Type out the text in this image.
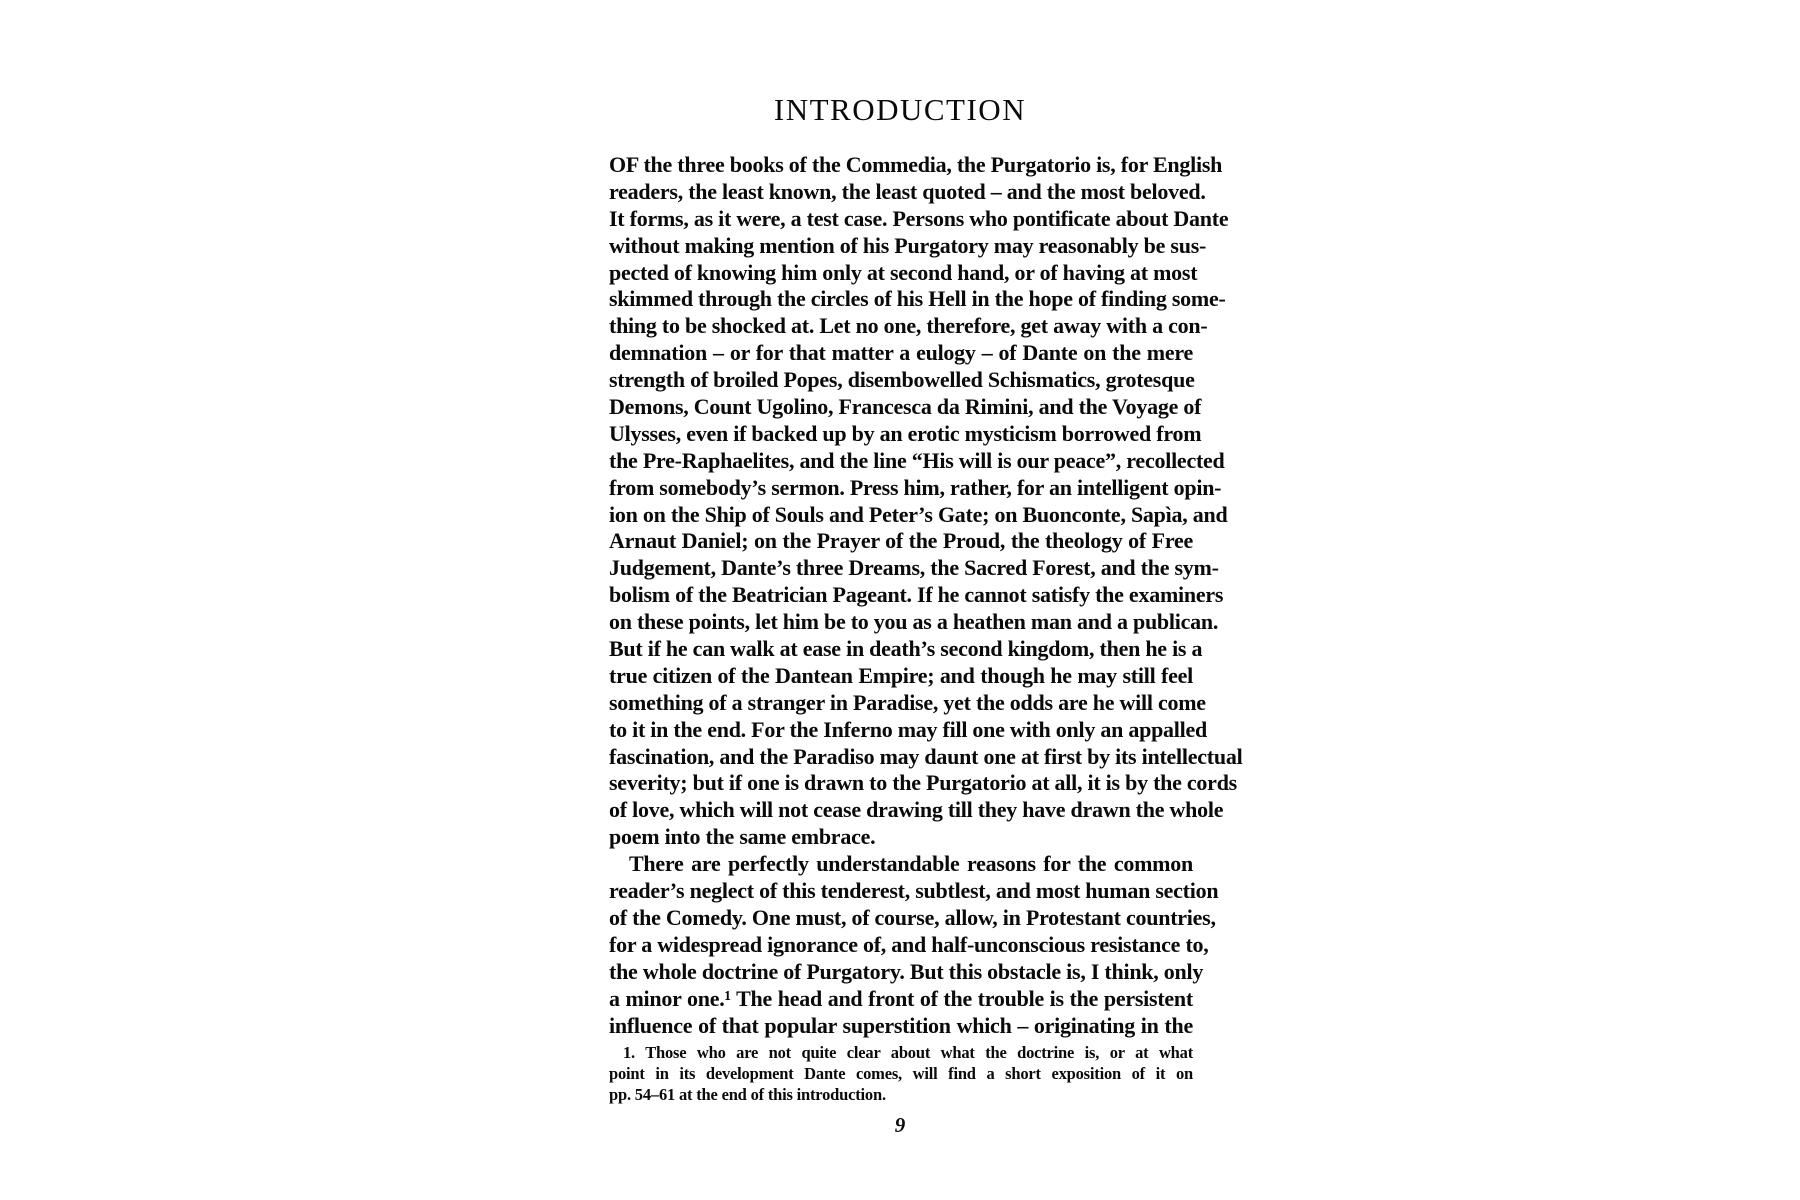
INTRODUCTION
OF the three books of the Commedia, the Purgatorio is, for English
readers, the least known, the least quoted – and the most beloved.
It forms, as it were, a test case. Persons who pontificate about Dante
without making mention of his Purgatory may reasonably be sus-
pected of knowing him only at second hand, or of having at most
skimmed through the circles of his Hell in the hope of finding some-
thing to be shocked at. Let no one, therefore, get away with a con-
demnation – or for that matter a eulogy – of Dante on the mere
strength of broiled Popes, disembowelled Schismatics, grotesque
Demons, Count Ugolino, Francesca da Rimini, and the Voyage of
Ulysses, even if backed up by an erotic mysticism borrowed from
the Pre-Raphaelites, and the line “His will is our peace”, recollected
from somebody’s sermon. Press him, rather, for an intelligent opin-
ion on the Ship of Souls and Peter’s Gate; on Buonconte, Sapìa, and
Arnaut Daniel; on the Prayer of the Proud, the theology of Free
Judgement, Dante’s three Dreams, the Sacred Forest, and the sym-
bolism of the Beatrician Pageant. If he cannot satisfy the examiners
on these points, let him be to you as a heathen man and a publican.
But if he can walk at ease in death’s second kingdom, then he is a
true citizen of the Dantean Empire; and though he may still feel
something of a stranger in Paradise, yet the odds are he will come
to it in the end. For the Inferno may fill one with only an appalled
fascination, and the Paradiso may daunt one at first by its intellectual
severity; but if one is drawn to the Purgatorio at all, it is by the cords
of love, which will not cease drawing till they have drawn the whole
poem into the same embrace.
There are perfectly understandable reasons for the common
reader’s neglect of this tenderest, subtlest, and most human section
of the Comedy. One must, of course, allow, in Protestant countries,
for a widespread ignorance of, and half-unconscious resistance to,
the whole doctrine of Purgatory. But this obstacle is, I think, only
a minor one.¹ The head and front of the trouble is the persistent
influence of that popular superstition which – originating in the
1. Those who are not quite clear about what the doctrine is, or at what
point in its development Dante comes, will find a short exposition of it on
pp. 54–61 at the end of this introduction.
9
